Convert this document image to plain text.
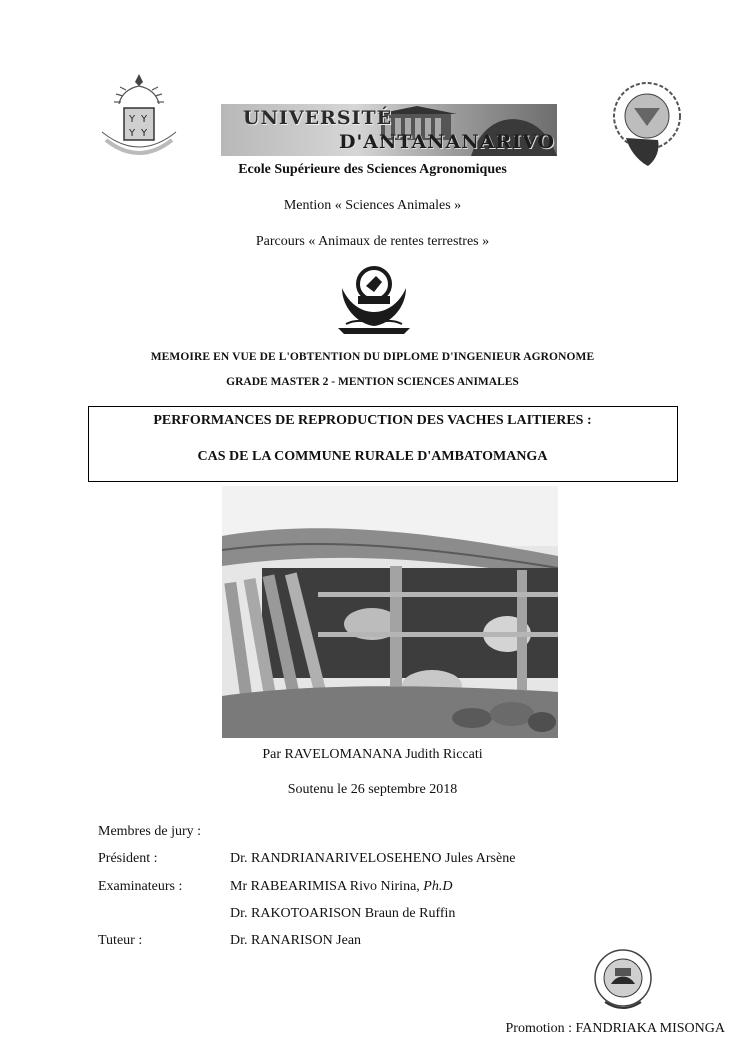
Y Y
Y Y
UNIVERSITÉ
D'ANTANANARIVO
Ecole Supérieure des Sciences Agronomiques
Mention « Sciences Animales »
Parcours « Animaux de rentes terrestres »
MEMOIRE EN VUE DE L'OBTENTION DU DIPLOME D'INGENIEUR AGRONOME
GRADE MASTER 2 - MENTION SCIENCES ANIMALES
PERFORMANCES DE REPRODUCTION DES VACHES LAITIERES :
CAS DE LA COMMUNE RURALE D'AMBATOMANGA
Par RAVELOMANANA Judith Riccati
Soutenu le 26 septembre 2018
Membres de jury :
Président :	Dr. RANDRIANARIVELOSEHENO Jules Arsène
Examinateurs :	Mr RABEARIMISA Rivo Nirina, Ph.D
Dr. RAKOTOARISON Braun de Ruffin
Tuteur :	Dr. RANARISON Jean
Promotion : FANDRIAKA MISONGA
